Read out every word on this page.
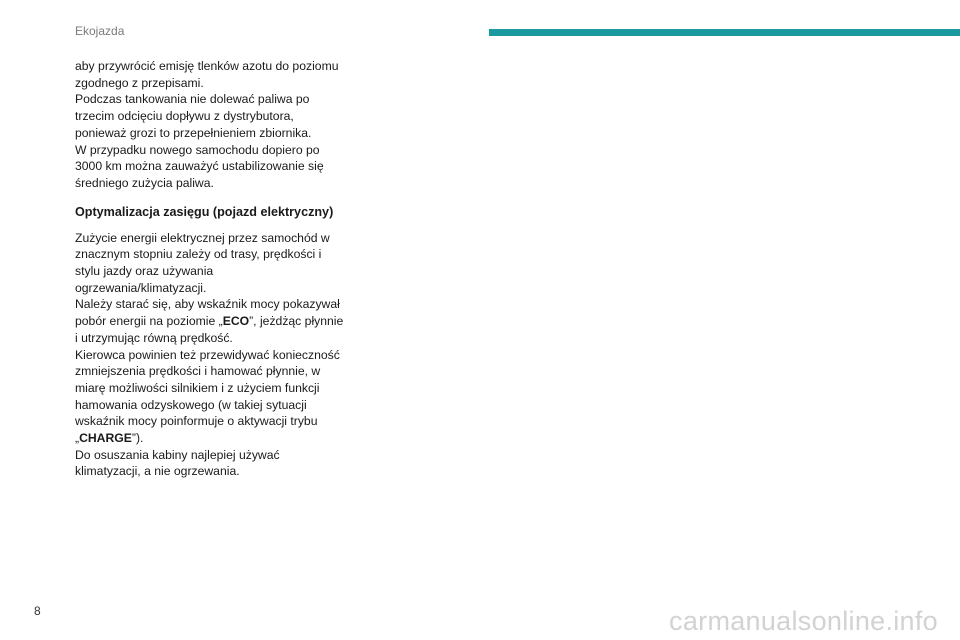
Ekojazda

aby przywrócić emisję tlenków azotu do poziomu zgodnego z przepisami.

Podczas tankowania nie dolewać paliwa po trzecim odcięciu dopływu z dystrybutora, ponieważ grozi to przepełnieniem zbiornika.

W przypadku nowego samochodu dopiero po 3000 km można zauważyć ustabilizowanie się średniego zużycia paliwa.

Optymalizacja zasięgu (pojazd elektryczny)

Zużycie energii elektrycznej przez samochód w znacznym stopniu zależy od trasy, prędkości i stylu jazdy oraz używania ogrzewania/klimatyzacji.

Należy starać się, aby wskaźnik mocy pokazywał pobór energii na poziomie „ECO”, jeżdżąc płynnie i utrzymując równą prędkość.

Kierowca powinien też przewidywać konieczność zmniejszenia prędkości i hamować płynnie, w miarę możliwości silnikiem i z użyciem funkcji hamowania odzyskowego (w takiej sytuacji wskaźnik mocy poinformuje o aktywacji trybu „CHARGE”).

Do osuszania kabiny najlepiej używać klimatyzacji, a nie ogrzewania.

8	carmanualsonline.info
